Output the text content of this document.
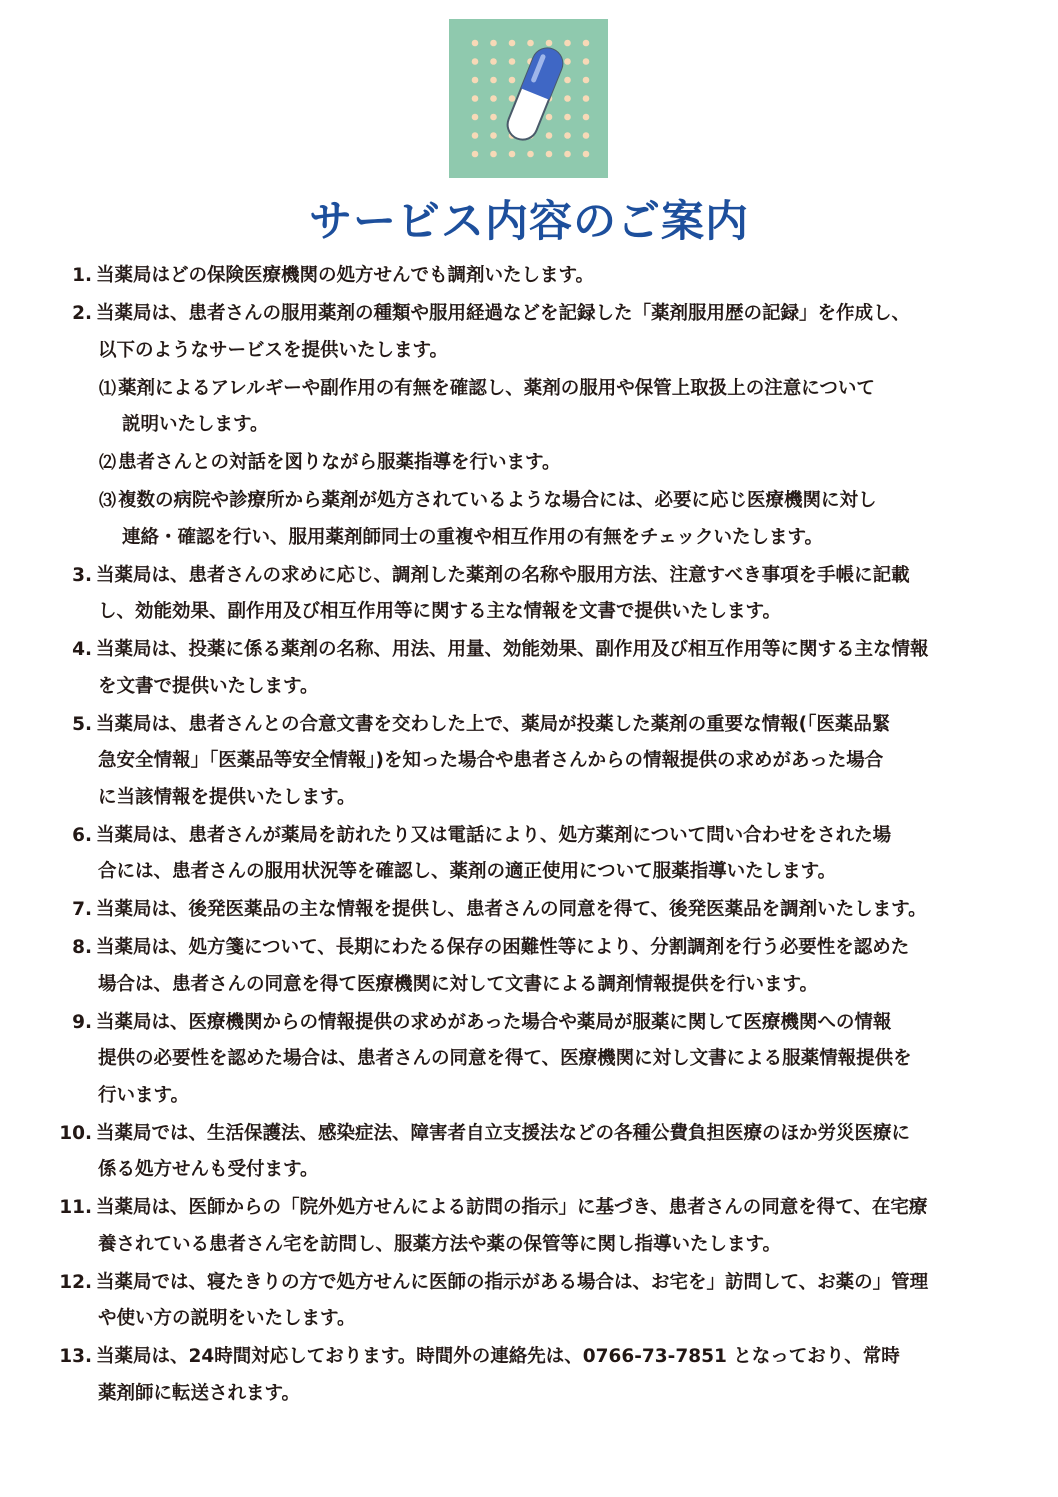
サービス内容のご案内
1. 当薬局はどの保険医療機関の処方せんでも調剤いたします。
2. 当薬局は、患者さんの服用薬剤の種類や服用経過などを記録した「薬剤服用歴の記録」を作成し、
以下のようなサービスを提供いたします。
⑴ 薬剤によるアレルギーや副作用の有無を確認し、薬剤の服用や保管上取扱上の注意について
説明いたします。
⑵ 患者さんとの対話を図りながら服薬指導を行います。
⑶ 複数の病院や診療所から薬剤が処方されているような場合には、必要に応じ医療機関に対し
連絡・確認を行い、服用薬剤師同士の重複や相互作用の有無をチェックいたします。
3. 当薬局は、患者さんの求めに応じ、調剤した薬剤の名称や服用方法、注意すべき事項を手帳に記載
し、効能効果、副作用及び相互作用等に関する主な情報を文書で提供いたします。
4. 当薬局は、投薬に係る薬剤の名称、用法、用量、効能効果、副作用及び相互作用等に関する主な情報
を文書で提供いたします。
5. 当薬局は、患者さんとの合意文書を交わした上で、薬局が投薬した薬剤の重要な情報(「医薬品緊
急安全情報」「医薬品等安全情報」)を知った場合や患者さんからの情報提供の求めがあった場合
に当該情報を提供いたします。
6. 当薬局は、患者さんが薬局を訪れたり又は電話により、処方薬剤について問い合わせをされた場
合には、患者さんの服用状況等を確認し、薬剤の適正使用について服薬指導いたします。
7. 当薬局は、後発医薬品の主な情報を提供し、患者さんの同意を得て、後発医薬品を調剤いたします。
8. 当薬局は、処方箋について、長期にわたる保存の困難性等により、分割調剤を行う必要性を認めた
場合は、患者さんの同意を得て医療機関に対して文書による調剤情報提供を行います。
9. 当薬局は、医療機関からの情報提供の求めがあった場合や薬局が服薬に関して医療機関への情報
提供の必要性を認めた場合は、患者さんの同意を得て、医療機関に対し文書による服薬情報提供を
行います。
10. 当薬局では、生活保護法、感染症法、障害者自立支援法などの各種公費負担医療のほか労災医療に
係る処方せんも受付ます。
11. 当薬局は、医師からの「院外処方せんによる訪問の指示」に基づき、患者さんの同意を得て、在宅療
養されている患者さん宅を訪問し、服薬方法や薬の保管等に関し指導いたします。
12. 当薬局では、寝たきりの方で処方せんに医師の指示がある場合は、お宅を」訪問して、お薬の」管理
や使い方の説明をいたします。
13. 当薬局は、24時間対応しております。時間外の連絡先は、0766-73-7851 となっており、常時
薬剤師に転送されます。
